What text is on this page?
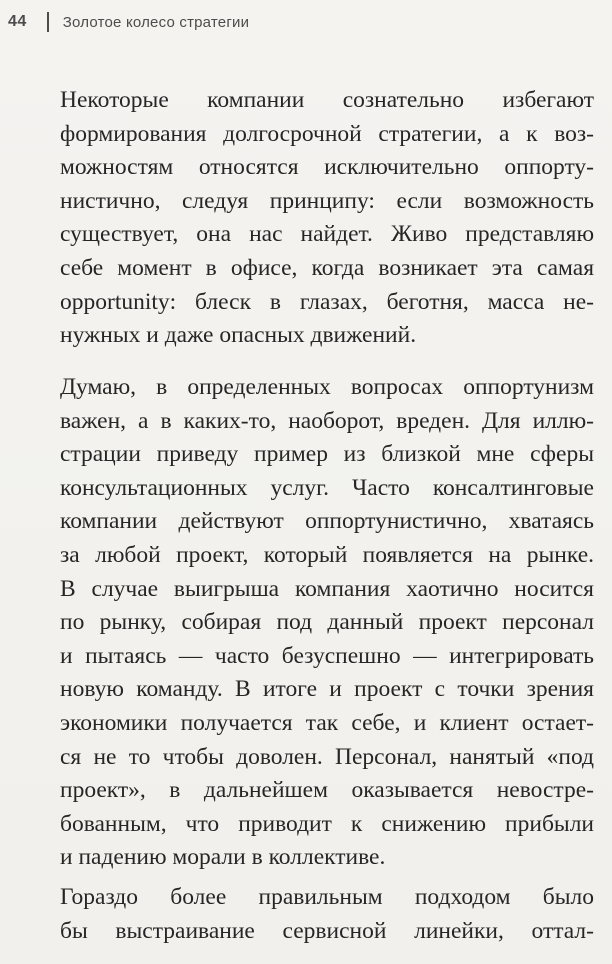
44 Золотое колесо стратегии
Некоторые компании сознательно избегают
формирования долгосрочной стратегии, а к воз-
можностям относятся исключительно оппорту-
нистично, следуя принципу: если возможность
существует, она нас найдет. Живо представляю
себе момент в офисе, когда возникает эта самая
opportunity: блеск в глазах, беготня, масса не-
нужных и даже опасных движений.
Думаю, в определенных вопросах оппортунизм
важен, а в каких-то, наоборот, вреден. Для иллю-
страции приведу пример из близкой мне сферы
консультационных услуг. Часто консалтинговые
компании действуют оппортунистично, хватаясь
за любой проект, который появляется на рынке.
В случае выигрыша компания хаотично носится
по рынку, собирая под данный проект персонал
и пытаясь — часто безуспешно — интегрировать
новую команду. В итоге и проект с точки зрения
экономики получается так себе, и клиент остает-
ся не то чтобы доволен. Персонал, нанятый «под
проект», в дальнейшем оказывается невостре-
бованным, что приводит к снижению прибыли
и падению морали в коллективе.
Гораздо более правильным подходом было
бы выстраивание сервисной линейки, оттал-
